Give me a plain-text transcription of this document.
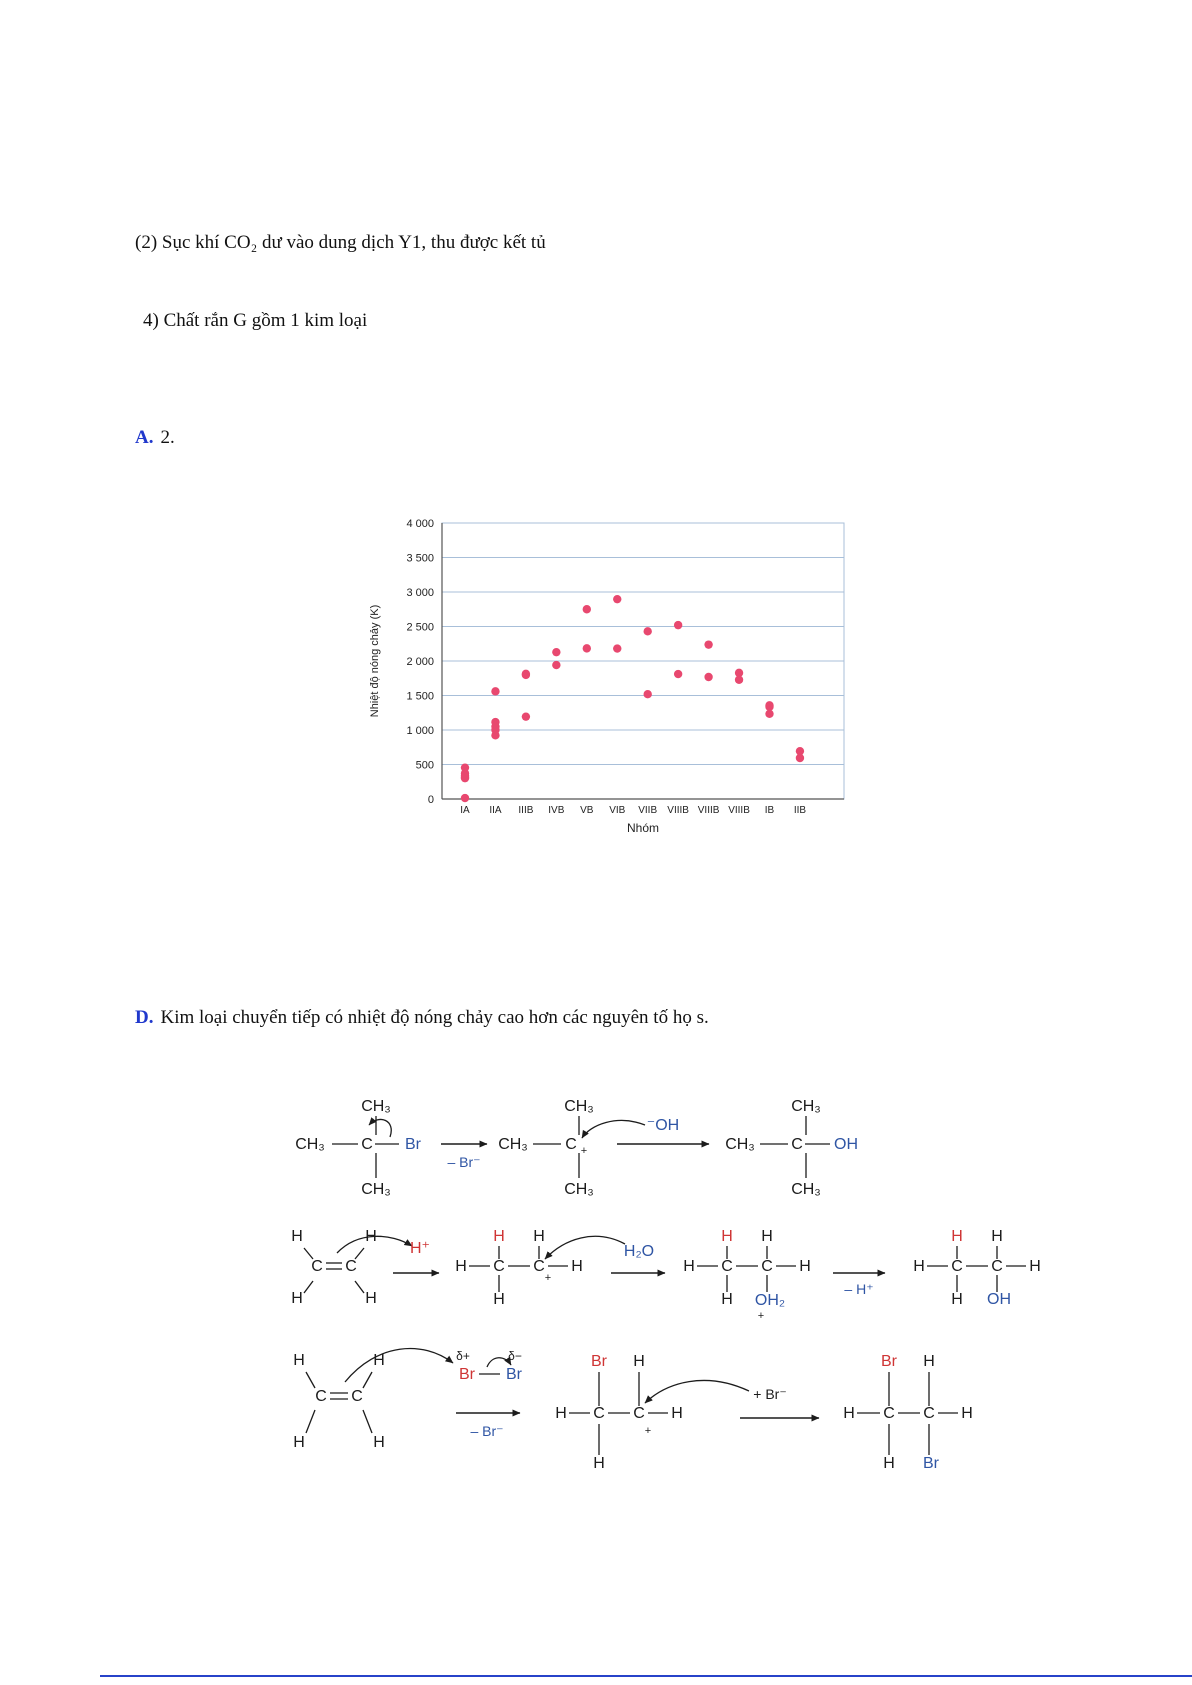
(2) Sục khí CO₂ dư vào dung dịch Y1, thu được kết tủ
4) Chất rắn G gồm 1 kim loại
A. 2.
0
500
1 000
1 500
2 000
2 500
3 000
3 500
4 000
IA IIA IIIB IVB VB VIB VIIB VIIIB VIIIB VIIIB IB IIB
Nhiệt độ nóng chảy (K)
Nhóm
D. Kim loại chuyển tiếp có nhiệt độ nóng chảy cao hơn các nguyên tố họ s.
CH₃
CH₃ C Br
CH₃
– Br⁻
CH₃
CH₃ C +
CH₃
⁻OH
CH₃
CH₃ C OH
CH₃
C C
H	H
H	H
H⁺
H C C H
H H
H
+
H₂O
H C C H
H H
H OH₂
+
– H⁺
H C C H
H H
H OH
C C
H	H
H	H
δ+	δ−
Br Br
– Br⁻
H C C H
Br H
H
+
+ Br⁻
H C C H
Br H
H Br
